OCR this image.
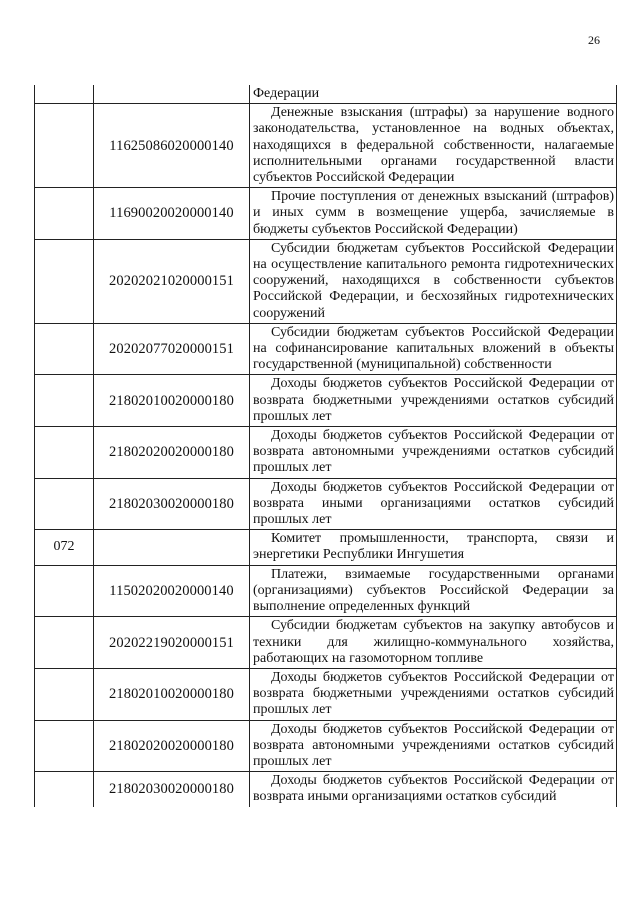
26

		Федерации

	11625086020000140	Денежные взыскания (штрафы) за нарушение водного законодательства, установленное на водных объектах, находящихся в федеральной собственности, налагаемые исполнительными органами государственной власти субъектов Российской Федерации

	11690020020000140	Прочие поступления от денежных взысканий (штрафов) и иных сумм в возмещение ущерба, зачисляемые в бюджеты субъектов Российской Федерации)

	20202021020000151	Субсидии бюджетам субъектов Российской Федерации на осуществление капитального ремонта гидротехнических сооружений, находящихся в собственности субъектов Российской Федерации, и бесхозяйных гидротехнических сооружений

	20202077020000151	Субсидии бюджетам субъектов Российской Федерации на софинансирование капитальных вложений в объекты государственной (муниципальной) собственности

	21802010020000180	Доходы бюджетов субъектов Российской Федерации от возврата бюджетными учреждениями остатков субсидий прошлых лет

	21802020020000180	Доходы бюджетов субъектов Российской Федерации от возврата автономными учреждениями остатков субсидий прошлых лет

	21802030020000180	Доходы бюджетов субъектов Российской Федерации от возврата иными организациями остатков субсидий прошлых лет

072		Комитет промышленности, транспорта, связи и энергетики Республики Ингушетия

	11502020020000140	Платежи, взимаемые государственными органами (организациями) субъектов Российской Федерации за выполнение определенных функций

	20202219020000151	Субсидии бюджетам субъектов на закупку автобусов и техники для жилищно-коммунального хозяйства, работающих на газомоторном топливе

	21802010020000180	Доходы бюджетов субъектов Российской Федерации от возврата бюджетными учреждениями остатков субсидий прошлых лет

	21802020020000180	Доходы бюджетов субъектов Российской Федерации от возврата автономными учреждениями остатков субсидий прошлых лет

	21802030020000180	Доходы бюджетов субъектов Российской Федерации от возврата иными организациями остатков субсидий
